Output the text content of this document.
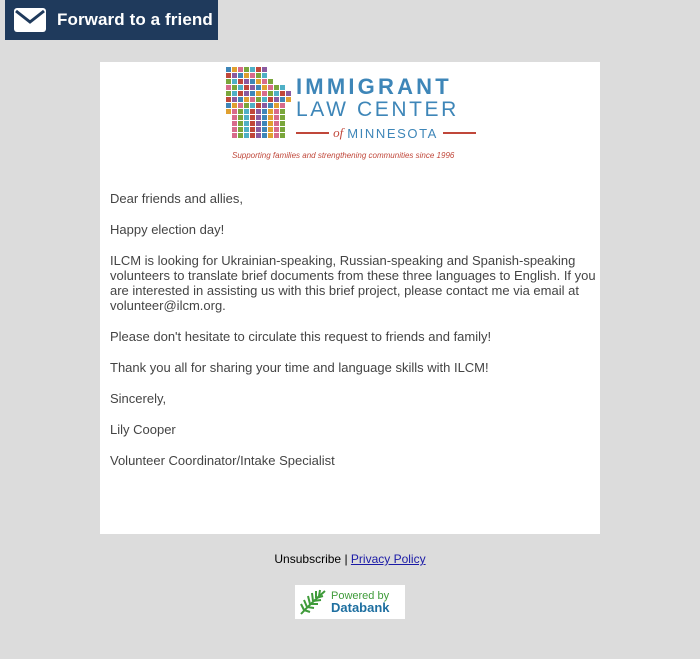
Forward to a friend
IMMIGRANT
LAW CENTER
of MINNESOTA
Supporting families and strengthening communities since 1996

Dear friends and allies,

Happy election day!

ILCM is looking for Ukrainian-speaking, Russian-speaking and Spanish-speaking volunteers to translate brief documents from these three languages to English. If you are interested in assisting us with this brief project, please contact me via email at volunteer@ilcm.org.

Please don't hesitate to circulate this request to friends and family!

Thank you all for sharing your time and language skills with ILCM!

Sincerely,

Lily Cooper

Volunteer Coordinator/Intake Specialist

Unsubscribe | Privacy Policy
Powered by
Databank
